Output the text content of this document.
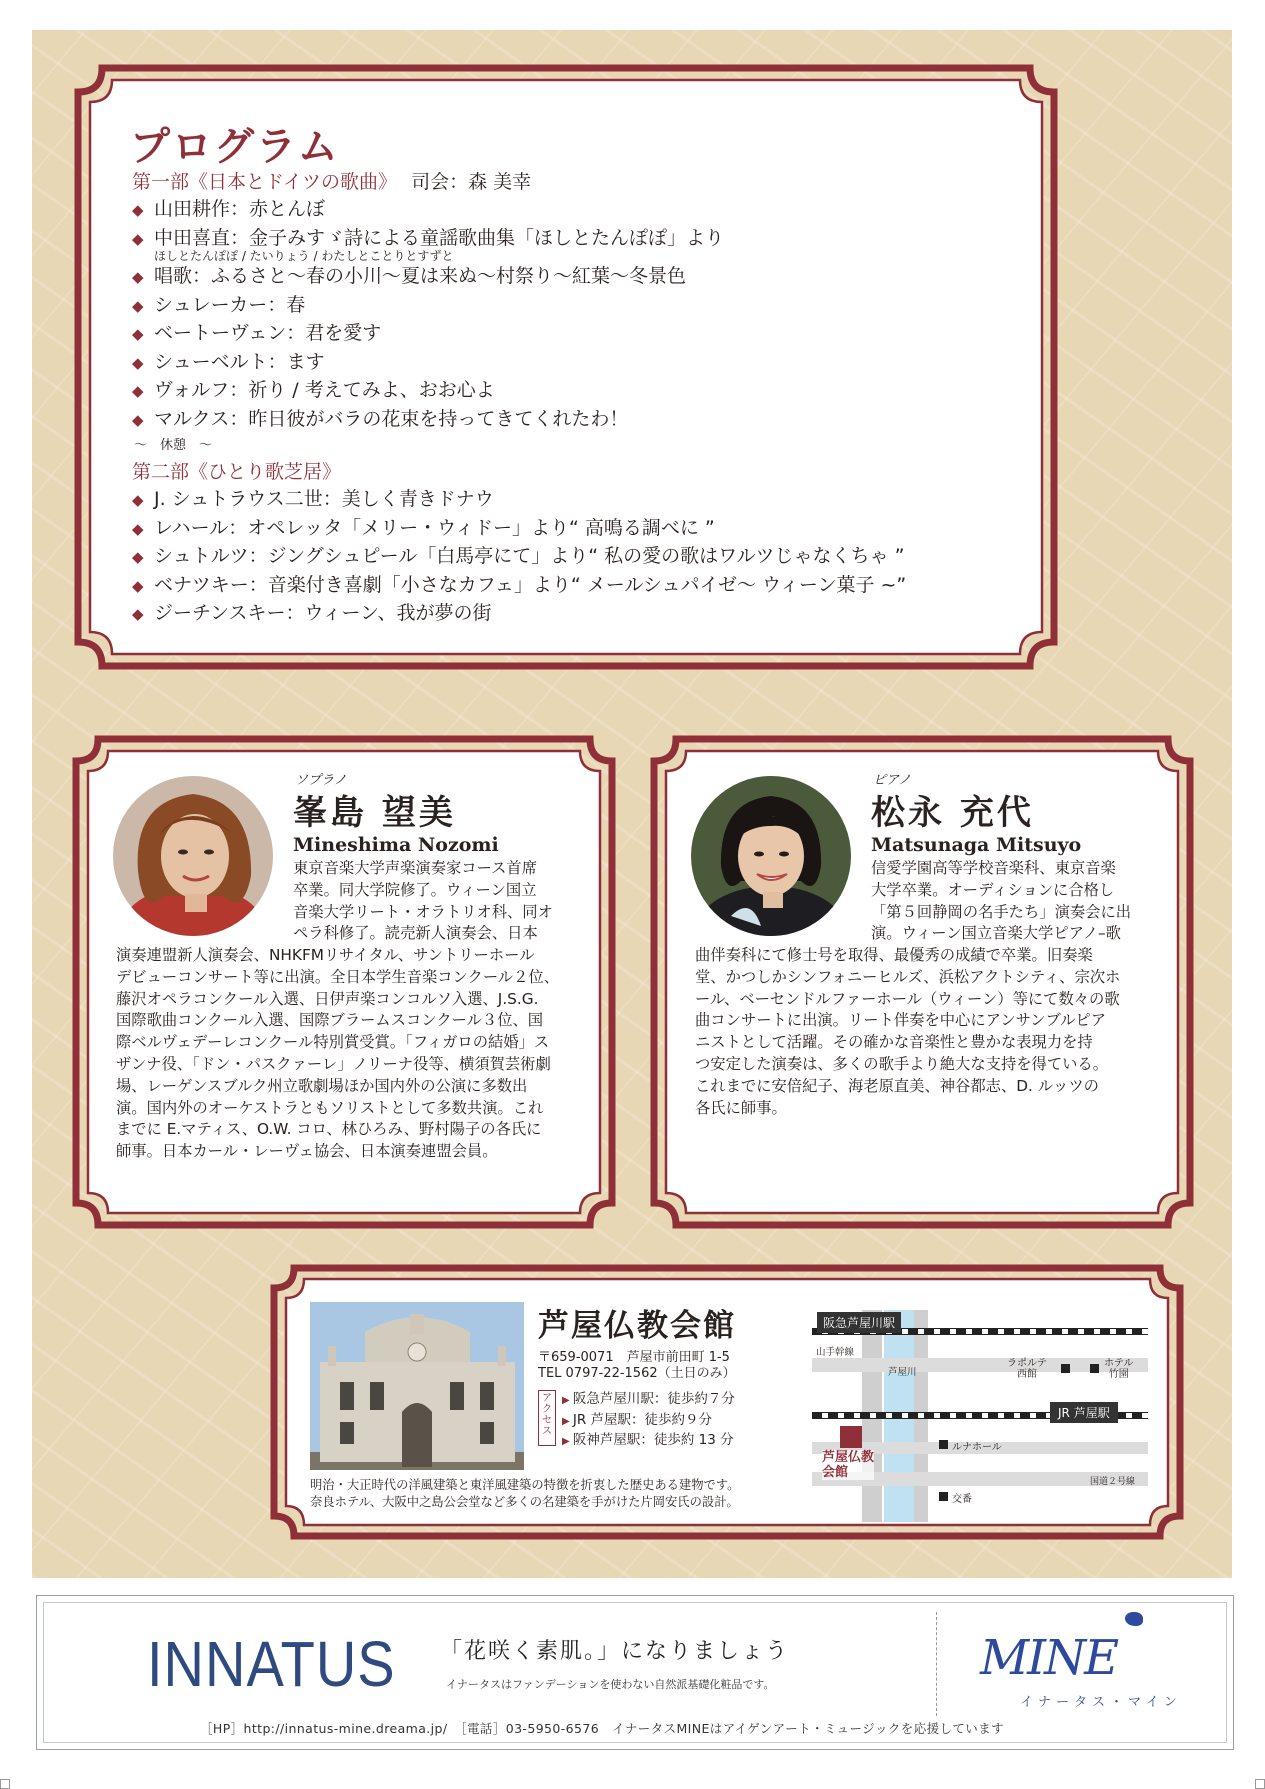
プログラム
第一部《日本とドイツの歌曲》 司会：森 美幸
◆ 山田耕作：赤とんぼ
◆ 中田喜直：金子みすゞ詩による童謡歌曲集「ほしとたんぽぽ」より
ほしとたんぽぽ / たいりょう / わたしとことりとすずと
◆ 唱歌：ふるさと～春の小川～夏は来ぬ～村祭り～紅葉～冬景色
◆ シュレーカー：春
◆ ベートーヴェン：君を愛す
◆ シューベルト：ます
◆ ヴォルフ：祈り / 考えてみよ、おお心よ
◆ マルクス：昨日彼がバラの花束を持ってきてくれたわ！
～　休憩　～
第二部《ひとり歌芝居》
◆ J. シュトラウス二世：美しく青きドナウ
◆ レハール：オペレッタ「メリー・ウィドー」より“ 高鳴る調べに ”
◆ シュトルツ：ジングシュピール「白馬亭にて」より“ 私の愛の歌はワルツじゃなくちゃ ”
◆ ベナツキー：音楽付き喜劇「小さなカフェ」より“ メールシュパイゼ～ ウィーン菓子 ~”
◆ ジーチンスキー：ウィーン、我が夢の街
ソプラノ
峯島 望美
Mineshima Nozomi
東京音楽大学声楽演奏家コース首席
卒業。同大学院修了。ウィーン国立
音楽大学リート・オラトリオ科、同オ
ペラ科修了。読売新人演奏会、日本
演奏連盟新人演奏会、NHKFMリサイタル、サントリーホール
デビューコンサート等に出演。全日本学生音楽コンクール２位、
藤沢オペラコンクール入選、日伊声楽コンコルソ入選、J.S.G.
国際歌曲コンクール入選、国際ブラームスコンクール３位、国
際ベルヴェデーレコンクール特別賞受賞。「フィガロの結婚」ス
ザンナ役、「ドン・パスクァーレ」ノリーナ役等、横須賀芸術劇
場、レーゲンスブルク州立歌劇場ほか国内外の公演に多数出
演。国内外のオーケストラともソリストとして多数共演。これ
までに E.マティス、O.W. コロ、林ひろみ、野村陽子の各氏に
師事。日本カール・レーヴェ協会、日本演奏連盟会員。
ピアノ
松永 充代
Matsunaga Mitsuyo
信愛学園高等学校音楽科、東京音楽
大学卒業。オーディションに合格し
「第５回静岡の名手たち」演奏会に出
演。ウィーン国立音楽大学ピアノ–歌
曲伴奏科にて修士号を取得、最優秀の成績で卒業。旧奏楽
堂、かつしかシンフォニーヒルズ、浜松アクトシティ、宗次ホ
ール、ベーセンドルファーホール（ウィーン）等にて数々の歌
曲コンサートに出演。リート伴奏を中心にアンサンブルピア
ニストとして活躍。その確かな音楽性と豊かな表現力を持
つ安定した演奏は、多くの歌手より絶大な支持を得ている。
これまでに安倍紀子、海老原直美、神谷都志、D. ルッツの
各氏に師事。
芦屋仏教会館
〒659-0071　芦屋市前田町 1-5
TEL 0797-22-1562（土日のみ）
アクセス
▶ 阪急芦屋川駅：徒歩約７分
▶ JR 芦屋駅：徒歩約９分
▶ 阪神芦屋駅：徒歩約 13 分
明治・大正時代の洋風建築と東洋風建築の特徴を折衷した歴史ある建物です。
奈良ホテル、大阪中之島公会堂など多くの名建築を手がけた片岡安氏の設計。
阪急芦屋川駅
JR 芦屋駅
山手幹線
芦屋川
ラポルテ
西館
ホテル
竹園
ルナホール
国道２号線
交番
芦屋仏教
会館
INNATUS 「花咲く素肌。」になりましょう
イナータスはファンデーションを使わない自然派基礎化粧品です。	MINE
イナータス・マイン
［HP］http://innatus-mine.dreama.jp/　［電話］03-5950-6576　イナータスMINEはアイゲンアート・ミュージックを応援しています
